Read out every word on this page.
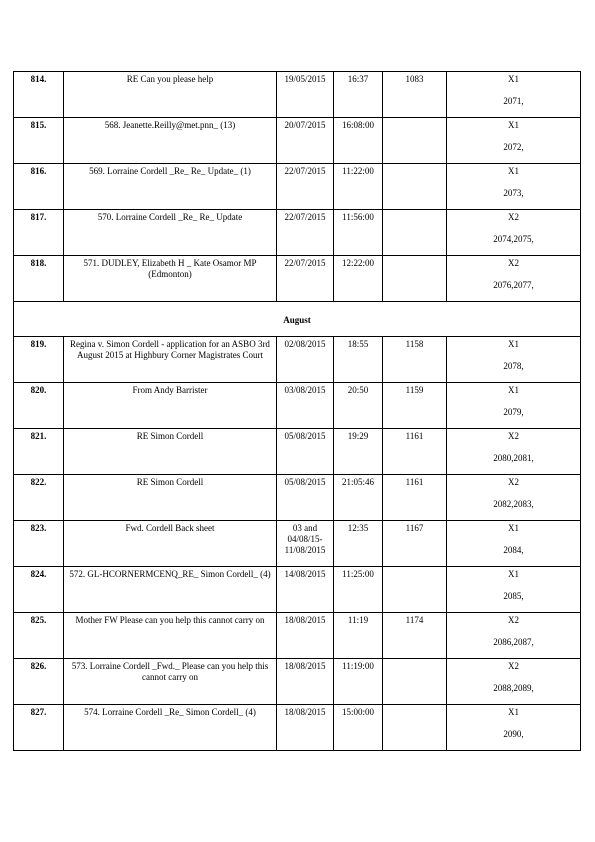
814.	RE Can you please help	19/05/2015	16:37	1083	X1
2071,

815.	568. Jeanette.Reilly@met.pnn_ (13)	20/07/2015	16:08:00		X1
2072,

816.	569. Lorraine Cordell _Re_ Re_ Update_ (1)	22/07/2015	11:22:00		X1
2073,

817.	570. Lorraine Cordell _Re_ Re_ Update	22/07/2015	11:56:00		X2
2074,2075,

818.	571. DUDLEY, Elizabeth H _ Kate Osamor MP (Edmonton)	22/07/2015	12:22:00		X2
2076,2077,

August					
819.	Regina v. Simon Cordell - application for an ASBO 3rd August 2015 at Highbury Corner Magistrates Court	02/08/2015	18:55	1158	X1
2078,

820.	From Andy Barrister	03/08/2015	20:50	1159	X1
2079,

821.	RE Simon Cordell	05/08/2015	19:29	1161	X2
2080,2081,

822.	RE Simon Cordell	05/08/2015	21:05:46	1161	X2
2082,2083,

823.	Fwd. Cordell Back sheet	03 and 04/08/15-11/08/2015	12:35	1167	X1
2084,

824.	572. GL-HCORNERMCENQ_RE_ Simon Cordell_ (4)	14/08/2015	11:25:00		X1
2085,

825.	Mother FW Please can you help this cannot carry on	18/08/2015	11:19	1174	X2
2086,2087,

826.	573. Lorraine Cordell _Fwd._ Please can you help this cannot carry on	18/08/2015	11:19:00		X2
2088,2089,

827.	574. Lorraine Cordell _Re_ Simon Cordell_ (4)	18/08/2015	15:00:00		X1
2090,
